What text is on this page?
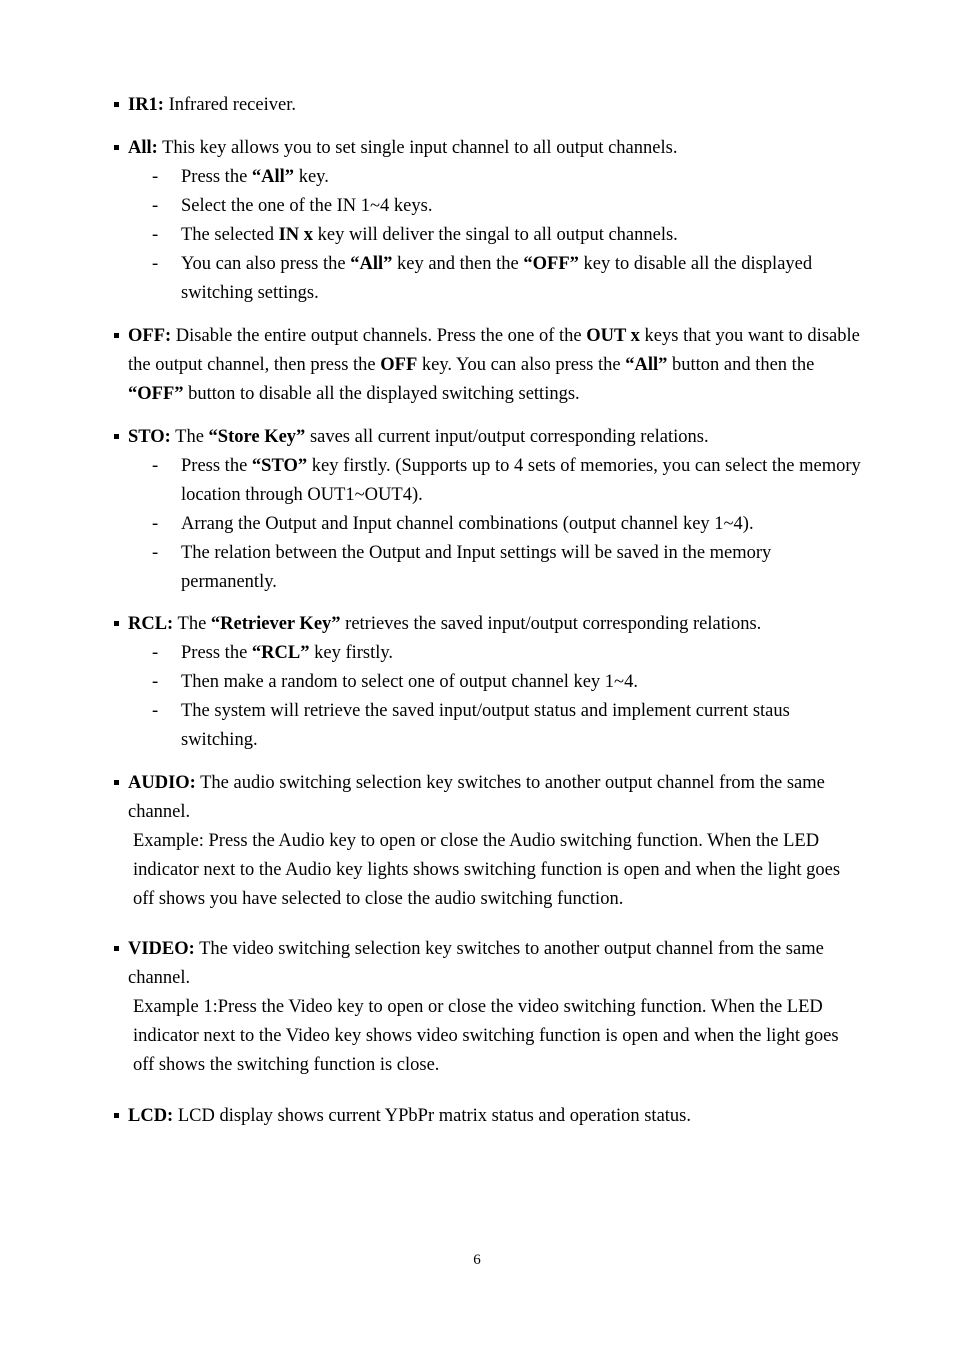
IR1: Infrared receiver.
All: This key allows you to set single input channel to all output channels.
- Press the “All” key.
- Select the one of the IN 1~4 keys.
- The selected IN x key will deliver the singal to all output channels.
- You can also press the “All” key and then the “OFF” key to disable all the displayed switching settings.
OFF: Disable the entire output channels. Press the one of the OUT x keys that you want to disable the output channel, then press the OFF key. You can also press the “All” button and then the “OFF” button to disable all the displayed switching settings.
STO: The “Store Key” saves all current input/output corresponding relations.
- Press the “STO” key firstly. (Supports up to 4 sets of memories, you can select the memory location through OUT1~OUT4).
- Arrang the Output and Input channel combinations (output channel key 1~4).
- The relation between the Output and Input settings will be saved in the memory permanently.
RCL: The “Retriever Key” retrieves the saved input/output corresponding relations.
- Press the “RCL” key firstly.
- Then make a random to select one of output channel key 1~4.
- The system will retrieve the saved input/output status and implement current staus switching.
AUDIO: The audio switching selection key switches to another output channel from the same channel.
Example: Press the Audio key to open or close the Audio switching function. When the LED indicator next to the Audio key lights shows switching function is open and when the light goes off shows you have selected to close the audio switching function.
VIDEO: The video switching selection key switches to another output channel from the same channel.
Example 1:Press the Video key to open or close the video switching function. When the LED indicator next to the Video key shows video switching function is open and when the light goes off shows the switching function is close.
LCD: LCD display shows current YPbPr matrix status and operation status.
6
